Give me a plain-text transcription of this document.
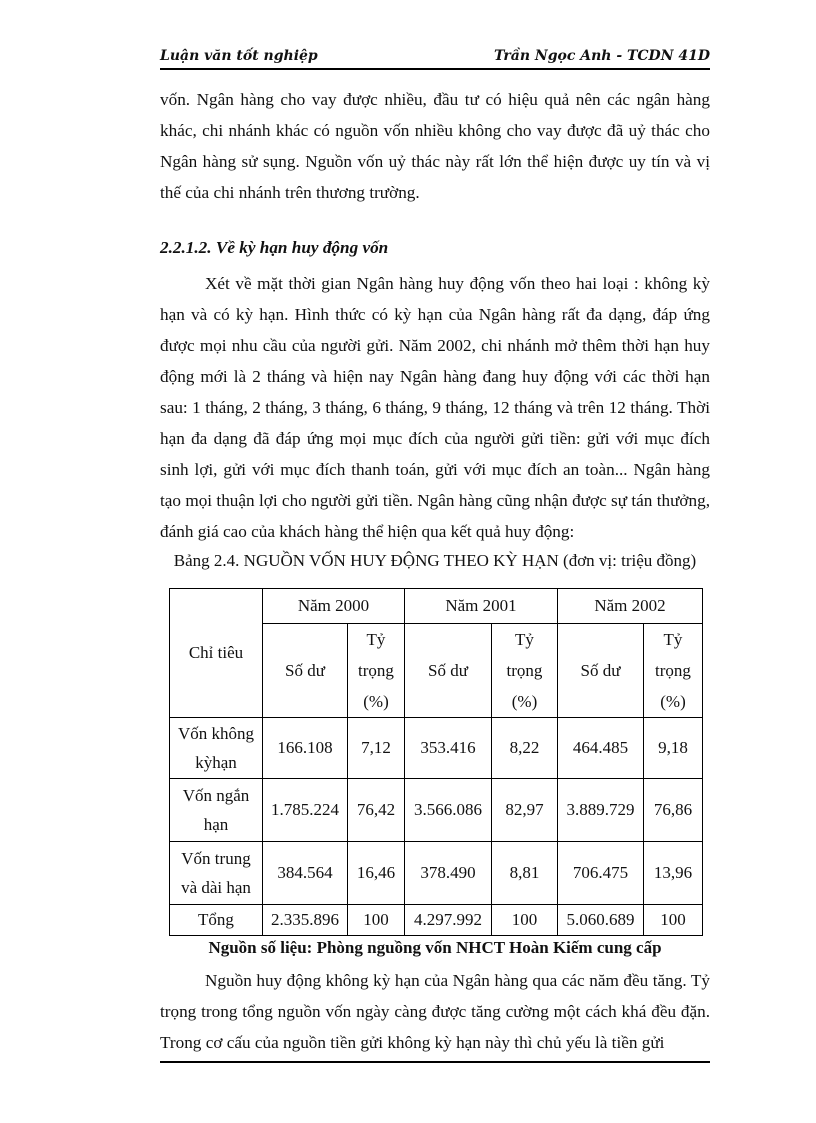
Luận văn tốt nghiệp	Trần Ngọc Anh - TCDN 41D

vốn. Ngân hàng cho vay được nhiều, đầu tư có hiệu quả nên các ngân hàng khác, chi nhánh khác có nguồn vốn nhiều không cho vay được đã uỷ thác cho Ngân hàng sử sụng. Nguồn vốn uỷ thác này rất lớn thể hiện được uy tín và vị thế của chi nhánh trên thương trường.

2.2.1.2. Về kỳ hạn huy động vốn

Xét về mặt thời gian Ngân hàng huy động vốn theo hai loại : không kỳ hạn và có kỳ hạn. Hình thức có kỳ hạn của Ngân hàng rất đa dạng, đáp ứng được mọi nhu cầu của người gửi. Năm 2002, chi nhánh mở thêm thời hạn huy động mới là 2 tháng và hiện nay Ngân hàng đang huy động với các thời hạn sau: 1 tháng, 2 tháng, 3 tháng, 6 tháng, 9 tháng, 12 tháng và trên 12 tháng. Thời hạn đa dạng đã đáp ứng mọi mục đích của người gửi tiền: gửi với mục đích sinh lợi, gửi với mục đích thanh toán, gửi với mục đích an toàn... Ngân hàng tạo mọi thuận lợi cho người gửi tiền. Ngân hàng cũng nhận được sự tán thưởng, đánh giá cao của khách hàng thể hiện qua kết quả huy động:

Bảng 2.4. NGUỒN VỐN HUY ĐỘNG THEO KỲ HẠN (đơn vị: triệu đồng)
Chỉ tiêu	Năm 2000		Năm 2001		Năm 2002	
	Số dư	Tỷ
trọng
(%)	Số dư	Tỷ
trọng
(%)	Số dư	Tỷ
trọng
(%)
Vốn không
kỳhạn	166.108	7,12	353.416	8,22	464.485	9,18
Vốn ngắn
hạn	1.785.224	76,42	3.566.086	82,97	3.889.729	76,86
Vốn trung
và dài hạn	384.564	16,46	378.490	8,81	706.475	13,96
Tổng	2.335.896	100	4.297.992	100	5.060.689	100
Nguồn số liệu: Phòng nguồng vốn NHCT Hoàn Kiếm cung cấp

Nguồn huy động không kỳ hạn của Ngân hàng qua các năm đều tăng. Tỷ trọng trong tổng nguồn vốn ngày càng được tăng cường một cách khá đều đặn. Trong cơ cấu của nguồn tiền gửi không kỳ hạn này thì chủ yếu là tiền gửi
